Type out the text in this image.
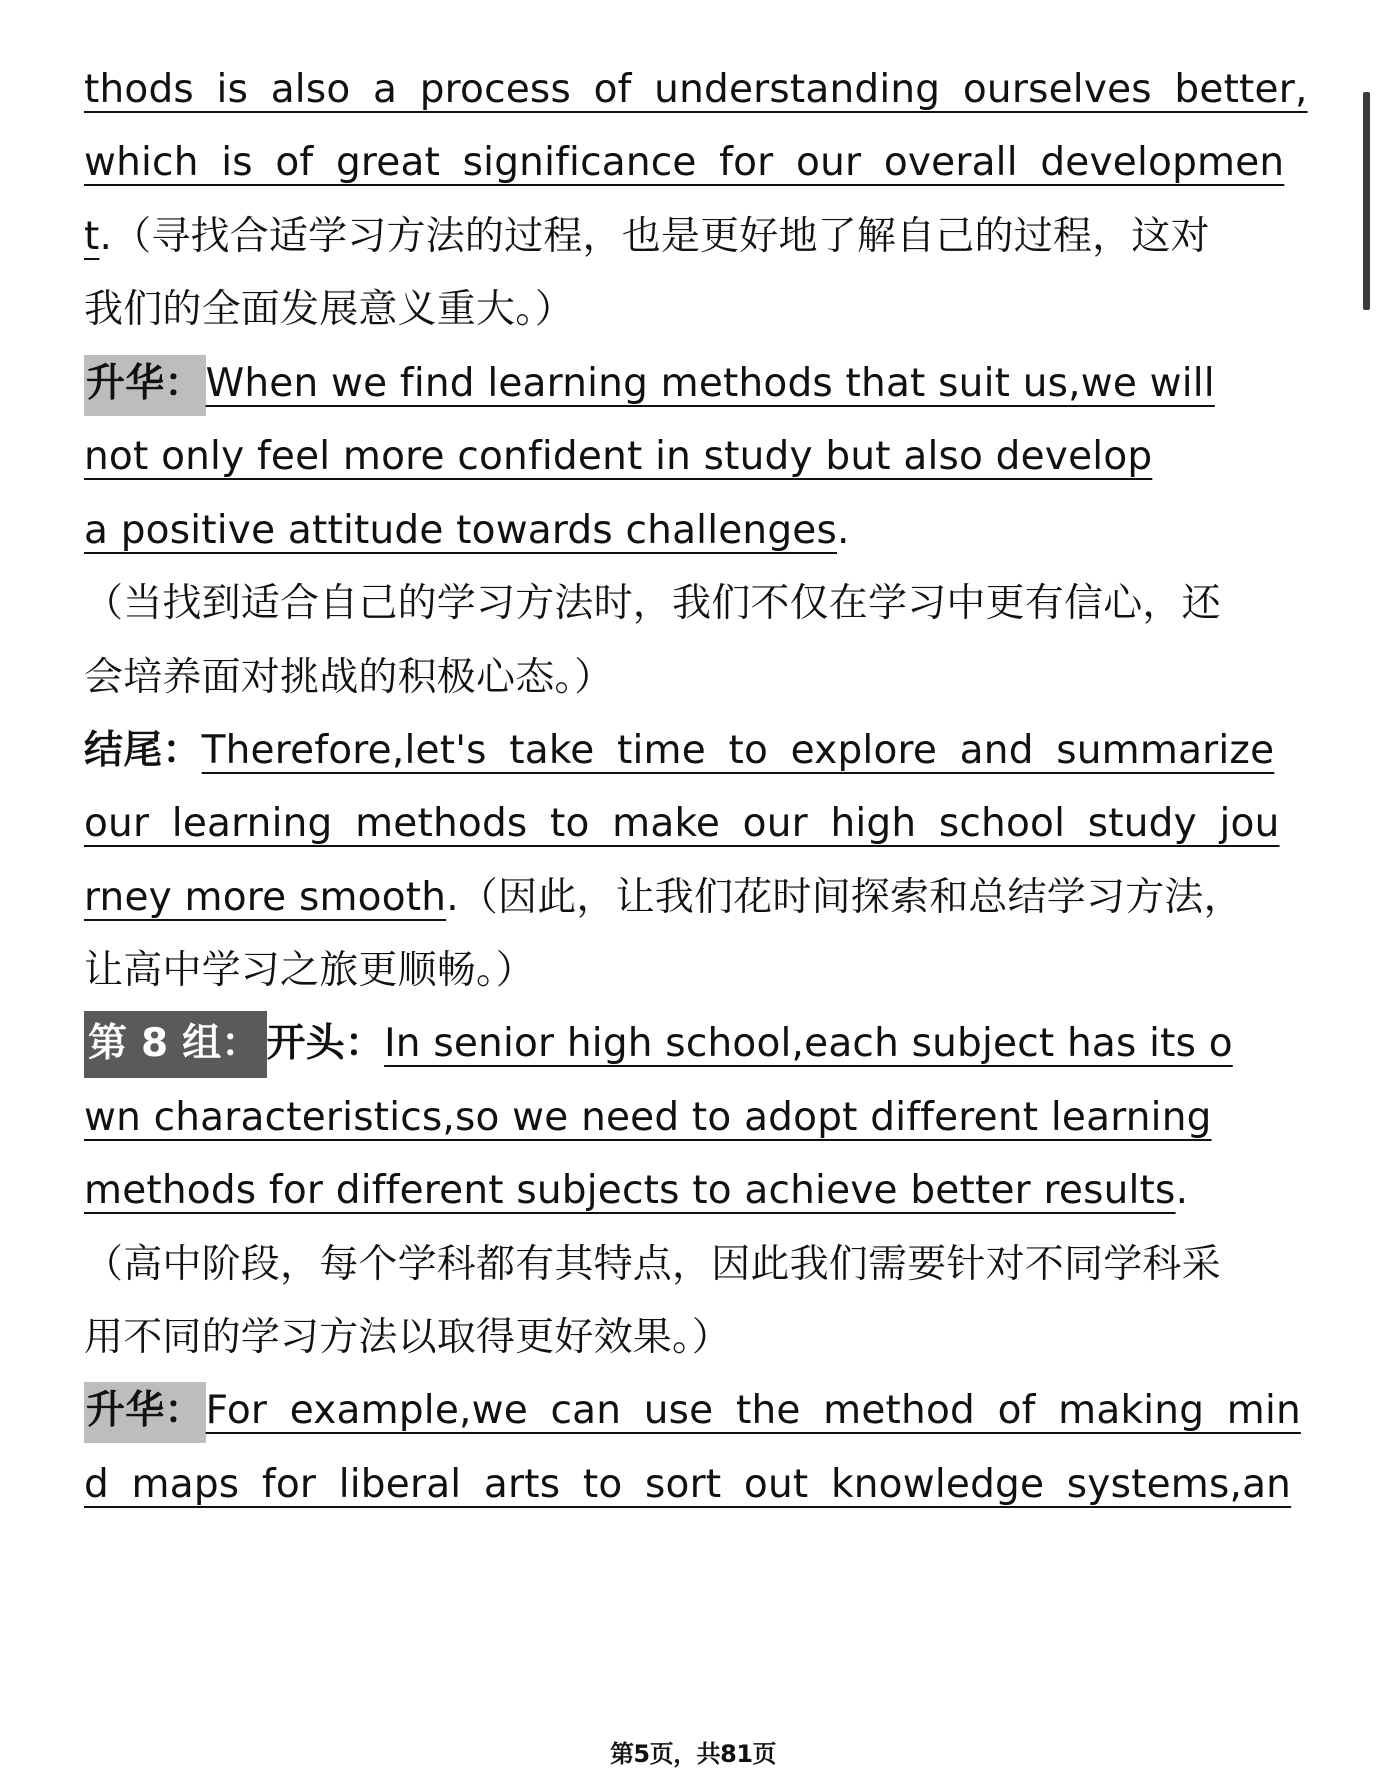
thods is also a process of understanding ourselves better,
which is of great significance for our overall developmen
t.（寻找合适学习方法的过程，也是更好地了解自己的过程，这对
我们的全面发展意义重大。）
升华：When we find learning methods that suit us,we will
not only feel more confident in study but also develop
a positive attitude towards challenges.
（当找到适合自己的学习方法时，我们不仅在学习中更有信心，还
会培养面对挑战的积极心态。）
结尾：Therefore,let's take time to explore and summarize
our learning methods to make our high school study jou
rney more smooth.（因此，让我们花时间探索和总结学习方法，
让高中学习之旅更顺畅。）
第 8 组： 开头：In senior high school,each subject has its o
wn characteristics,so we need to adopt different learning
methods for different subjects to achieve better results.
（高中阶段，每个学科都有其特点，因此我们需要针对不同学科采
用不同的学习方法以取得更好效果。）
升华：For example,we can use the method of making min
d maps for liberal arts to sort out knowledge systems,an
第5页，共81页
